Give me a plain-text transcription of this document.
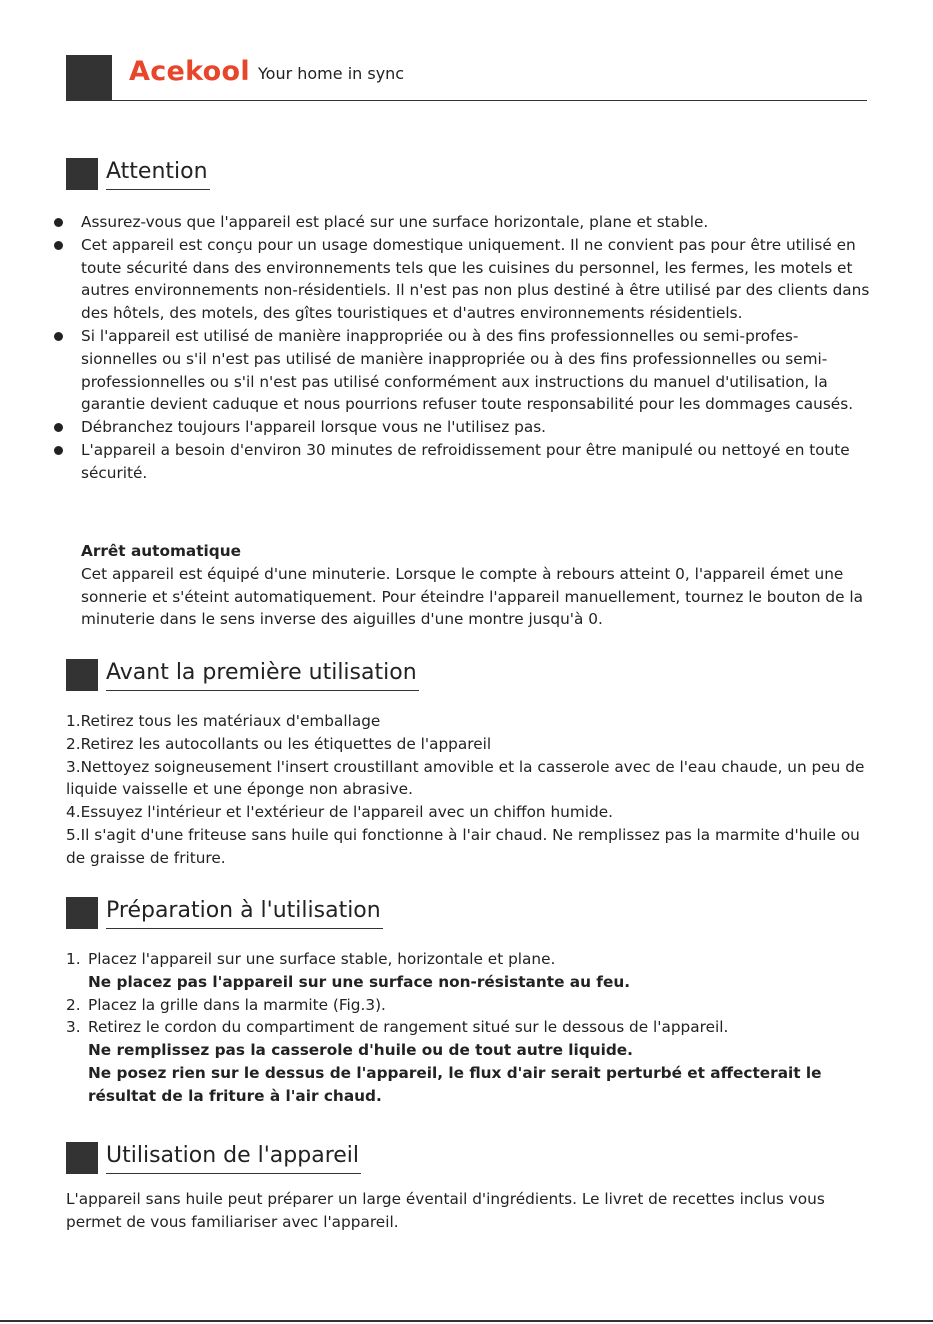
Acekool Your home in sync
Attention
Assurez-vous que l'appareil est placé sur une surface horizontale, plane et stable.
Cet appareil est conçu pour un usage domestique uniquement. Il ne convient pas pour être utilisé en toute sécurité dans des environnements tels que les cuisines du personnel, les fermes, les motels et autres environnements non-résidentiels. Il n'est pas non plus destiné à être utilisé par des clients dans des hôtels, des motels, des gîtes touristiques et d'autres environnements résidentiels.
Si l'appareil est utilisé de manière inappropriée ou à des fins professionnelles ou semi-profes-sionnelles ou s'il n'est pas utilisé de manière inappropriée ou à des fins professionnelles ou semi-professionnelles ou s'il n'est pas utilisé conformément aux instructions du manuel d'utilisation, la garantie devient caduque et nous pourrions refuser toute responsabilité pour les dommages causés.
Débranchez toujours l'appareil lorsque vous ne l'utilisez pas.
L'appareil a besoin d'environ 30 minutes de refroidissement pour être manipulé ou nettoyé en toute sécurité.

Arrêt automatique

Cet appareil est équipé d'une minuterie. Lorsque le compte à rebours atteint 0, l'appareil émet une sonnerie et s'éteint automatiquement. Pour éteindre l'appareil manuellement, tournez le bouton de la minuterie dans le sens inverse des aiguilles d'une montre jusqu'à 0.

Avant la première utilisation

1.Retirez tous les matériaux d'emballage

2.Retirez les autocollants ou les étiquettes de l'appareil

3.Nettoyez soigneusement l'insert croustillant amovible et la casserole avec de l'eau chaude, un peu de liquide vaisselle et une éponge non abrasive.

4.Essuyez l'intérieur et l'extérieur de l'appareil avec un chiffon humide.

5.Il s'agit d'une friteuse sans huile qui fonctionne à l'air chaud. Ne remplissez pas la marmite d'huile ou de graisse de friture.

Préparation à l'utilisation
1. Placez l'appareil sur une surface stable, horizontale et plane.
Ne placez pas l'appareil sur une surface non-résistante au feu.
2. Placez la grille dans la marmite (Fig.3).
3. Retirez le cordon du compartiment de rangement situé sur le dessous de l'appareil.
Ne remplissez pas la casserole d'huile ou de tout autre liquide.
Ne posez rien sur le dessus de l'appareil, le flux d'air serait perturbé et affecterait le résultat de la friture à l'air chaud.
Utilisation de l'appareil

L'appareil sans huile peut préparer un large éventail d'ingrédients. Le livret de recettes inclus vous permet de vous familiariser avec l'appareil.
